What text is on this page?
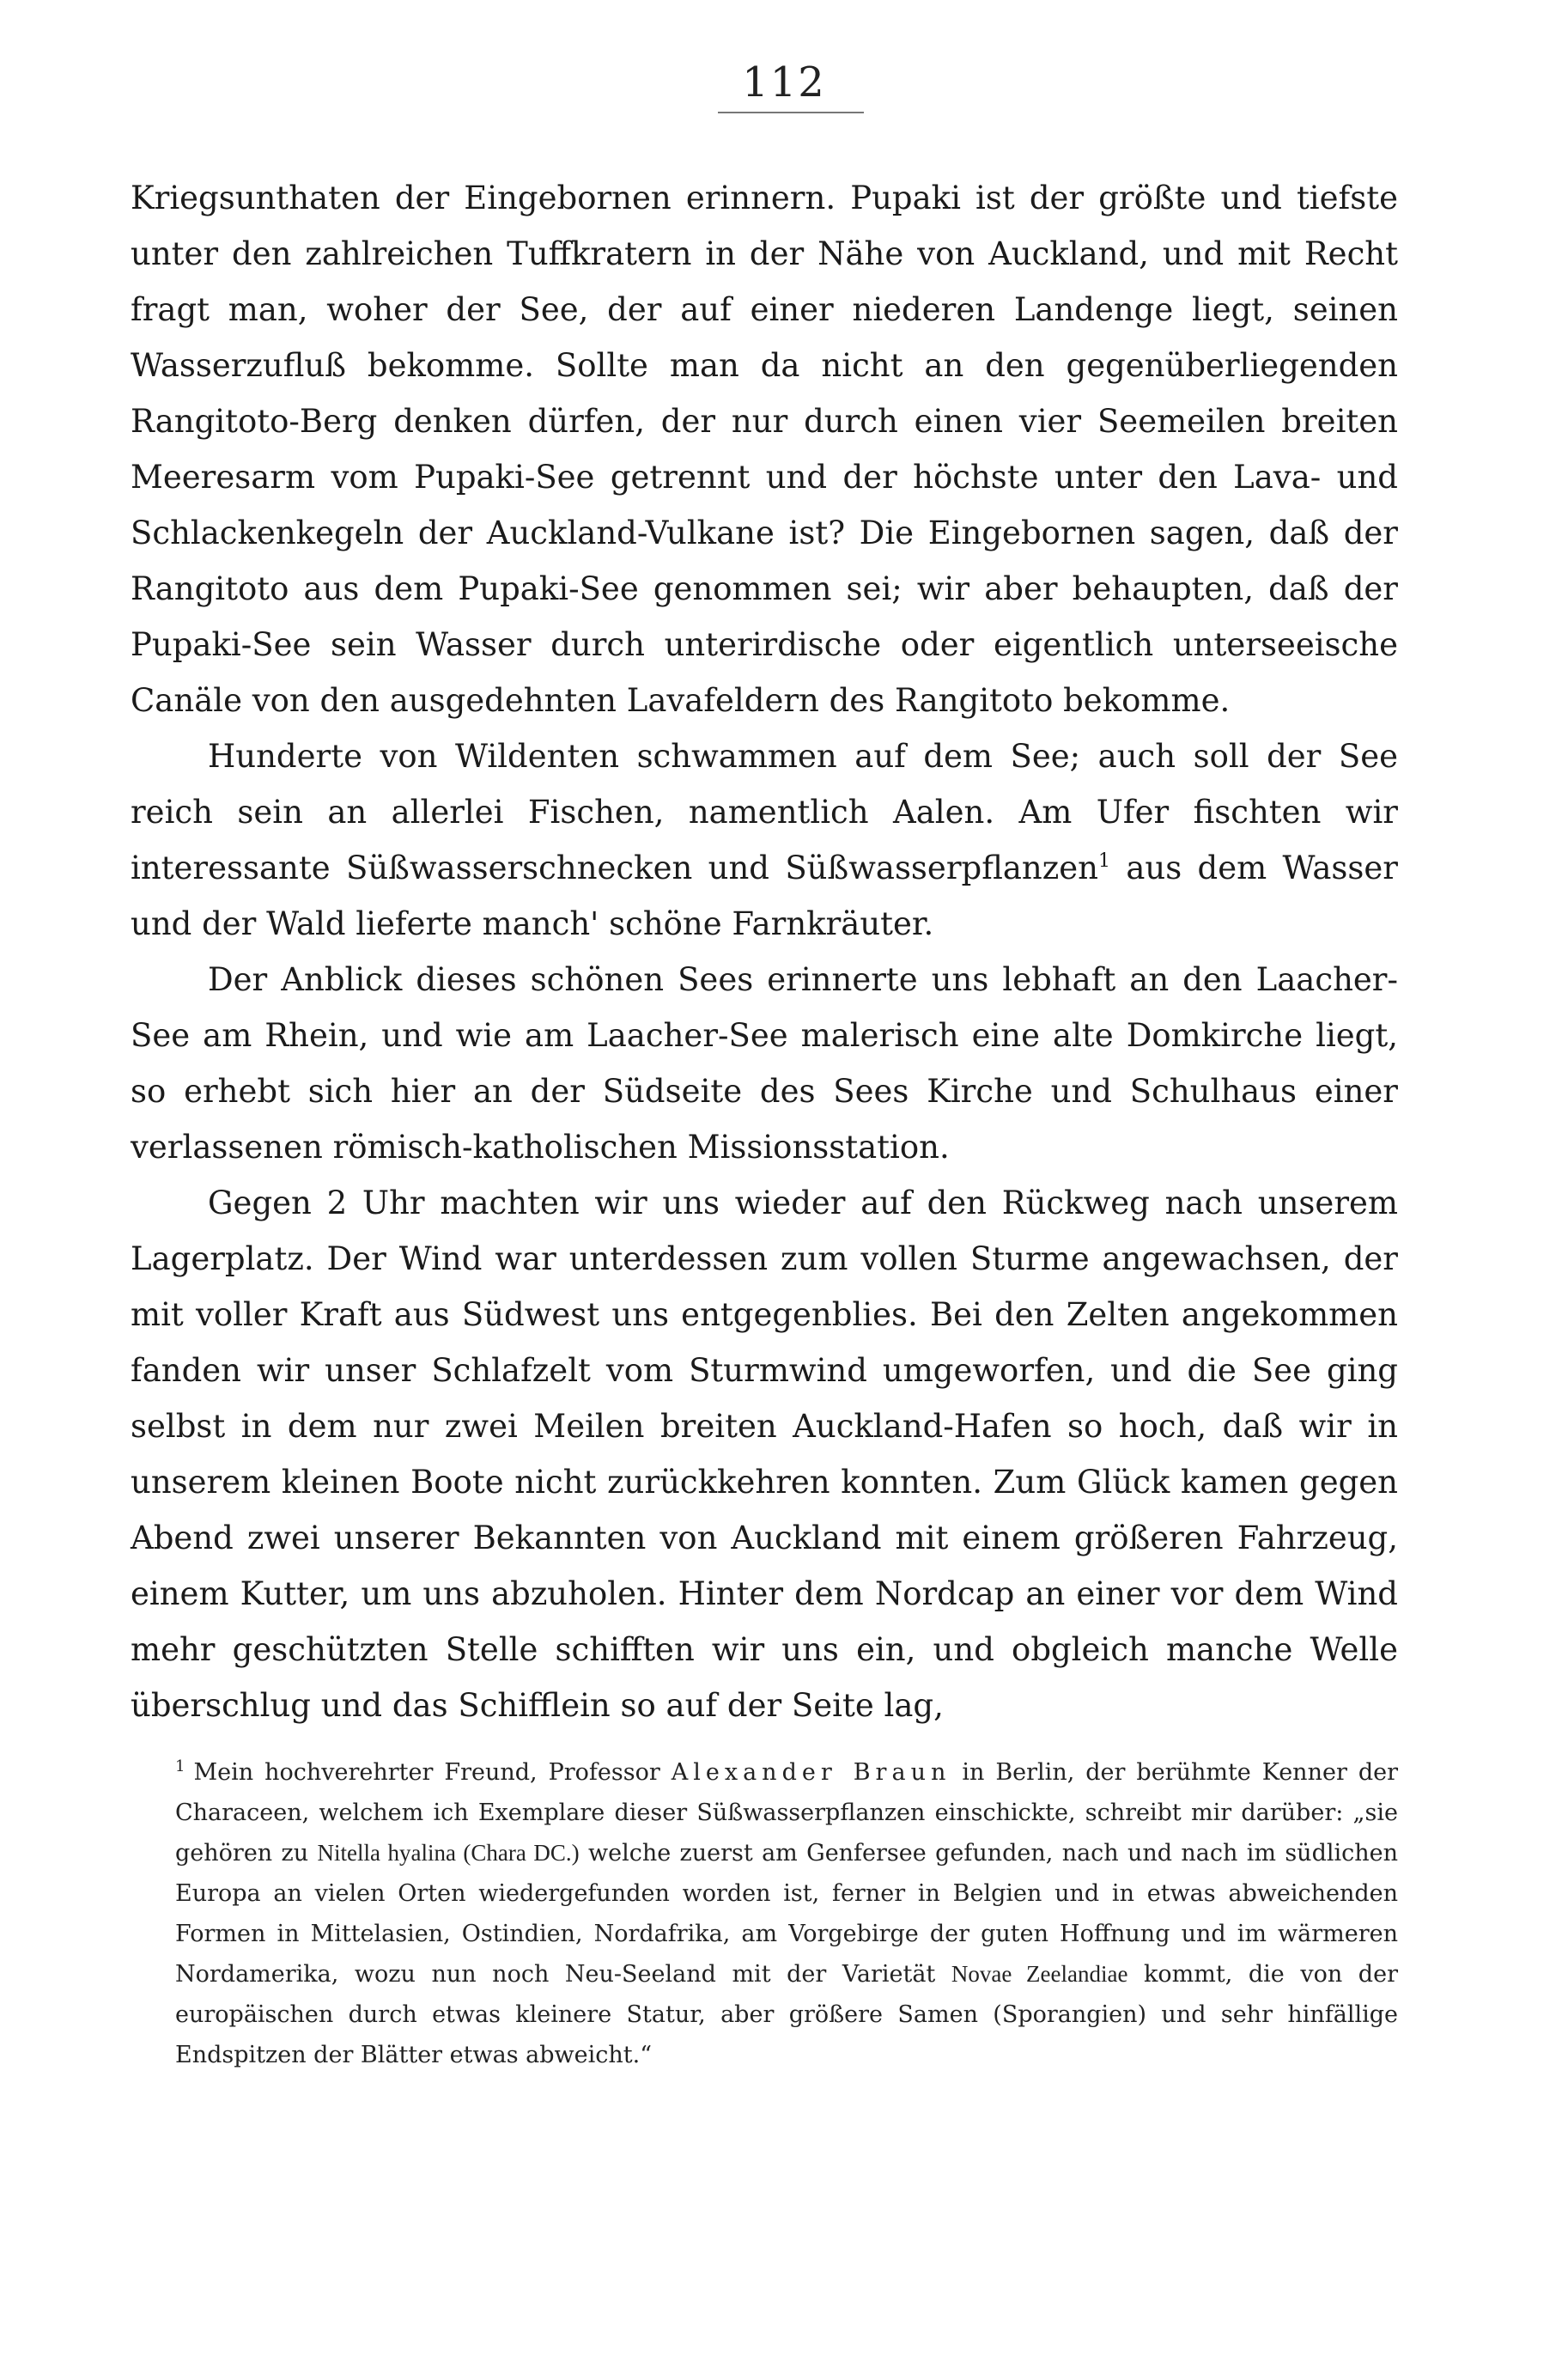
112

Kriegsunthaten der Eingebornen erinnern. Pupaki ist der größte und tiefste unter den zahlreichen Tuffkratern in der Nähe von Auckland, und mit Recht fragt man, woher der See, der auf einer niederen Landenge liegt, seinen Wasserzufluß bekomme. Sollte man da nicht an den gegenüberliegenden Rangitoto-Berg denken dürfen, der nur durch einen vier Seemeilen breiten Meeresarm vom Pupaki-See getrennt und der höchste unter den Lava- und Schlackenkegeln der Auckland-Vulkane ist? Die Eingebornen sagen, daß der Rangitoto aus dem Pupaki-See genommen sei; wir aber behaupten, daß der Pupaki-See sein Wasser durch unterirdische oder eigentlich unterseeische Canäle von den ausgedehnten Lavafeldern des Rangitoto bekomme.

Hunderte von Wildenten schwammen auf dem See; auch soll der See reich sein an allerlei Fischen, namentlich Aalen. Am Ufer fischten wir interessante Süßwasserschnecken und Süßwasserpflanzen$^1$ aus dem Wasser und der Wald lieferte manch' schöne Farnkräuter.

Der Anblick dieses schönen Sees erinnerte uns lebhaft an den Laacher-See am Rhein, und wie am Laacher-See malerisch eine alte Domkirche liegt, so erhebt sich hier an der Südseite des Sees Kirche und Schulhaus einer verlassenen römisch-katholischen Missionsstation.

Gegen 2 Uhr machten wir uns wieder auf den Rückweg nach unserem Lagerplatz. Der Wind war unterdessen zum vollen Sturme angewachsen, der mit voller Kraft aus Südwest uns entgegenblies. Bei den Zelten angekommen fanden wir unser Schlafzelt vom Sturmwind umgeworfen, und die See ging selbst in dem nur zwei Meilen breiten Auckland-Hafen so hoch, daß wir in unserem kleinen Boote nicht zurückkehren konnten. Zum Glück kamen gegen Abend zwei unserer Bekannten von Auckland mit einem größeren Fahrzeug, einem Kutter, um uns abzuholen. Hinter dem Nordcap an einer vor dem Wind mehr geschützten Stelle schifften wir uns ein, und obgleich manche Welle überschlug und das Schifflein so auf der Seite lag,

$^1$ Mein hochverehrter Freund, Professor Alexander Braun in Berlin, der berühmte Kenner der Characeen, welchem ich Exemplare dieser Süßwasserpflanzen einschickte, schreibt mir darüber: „sie gehören zu Nitella hyalina (Chara DC.) welche zuerst am Genfersee gefunden, nach und nach im südlichen Europa an vielen Orten wiedergefunden worden ist, ferner in Belgien und in etwas abweichenden Formen in Mittelasien, Ostindien, Nordafrika, am Vorgebirge der guten Hoffnung und im wärmeren Nordamerika, wozu nun noch Neu-Seeland mit der Varietät Novae Zeelandiae kommt, die von der europäischen durch etwas kleinere Statur, aber größere Samen (Sporangien) und sehr hinfällige Endspitzen der Blätter etwas abweicht.“
